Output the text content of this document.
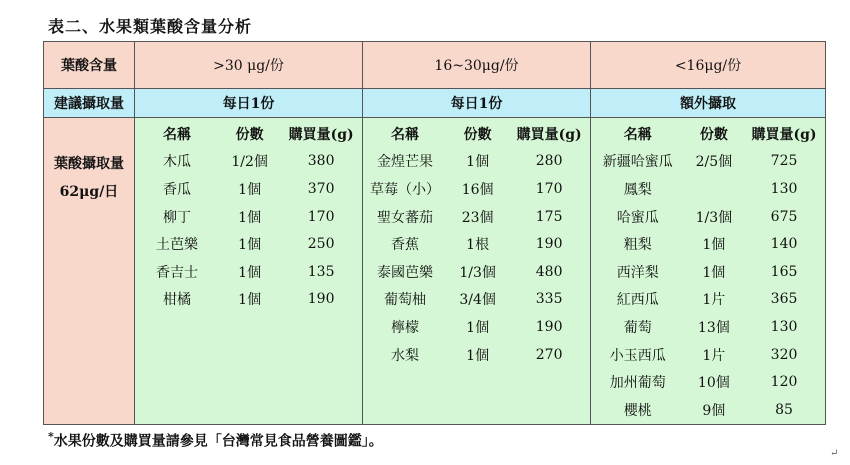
表二、水果類葉酸含量分析
葉酸含量	>30 μg/份	16~30μg/份	<16μg/份
建議攝取量	每日1份	每日1份	額外攝取

葉酸攝取量
62μg/日

名稱	份數	購買量(g)
木瓜	1/2個	380
香瓜	1個	370
柳丁	1個	170
土芭樂	1個	250
香吉士	1個	135
柑橘	1個	190

名稱	份數	購買量(g)
金煌芒果	1個	280
草莓（小）	16個	170
聖女蕃茄	23個	175
香蕉	1根	190
泰國芭樂	1/3個	480
葡萄柚	3/4個	335
檸檬	1個	190
水梨	1個	270

名稱	份數	購買量(g)
新疆哈蜜瓜	2/5個	725
鳳梨		130
哈蜜瓜	1/3個	675
粗梨	1個	140
西洋梨	1個	165
紅西瓜	1片	365
葡萄	13個	130
小玉西瓜	1片	320
加州葡萄	10個	120
櫻桃	9個	85
*水果份數及購買量請參見「台灣常見食品營養圖鑑」。
↵
